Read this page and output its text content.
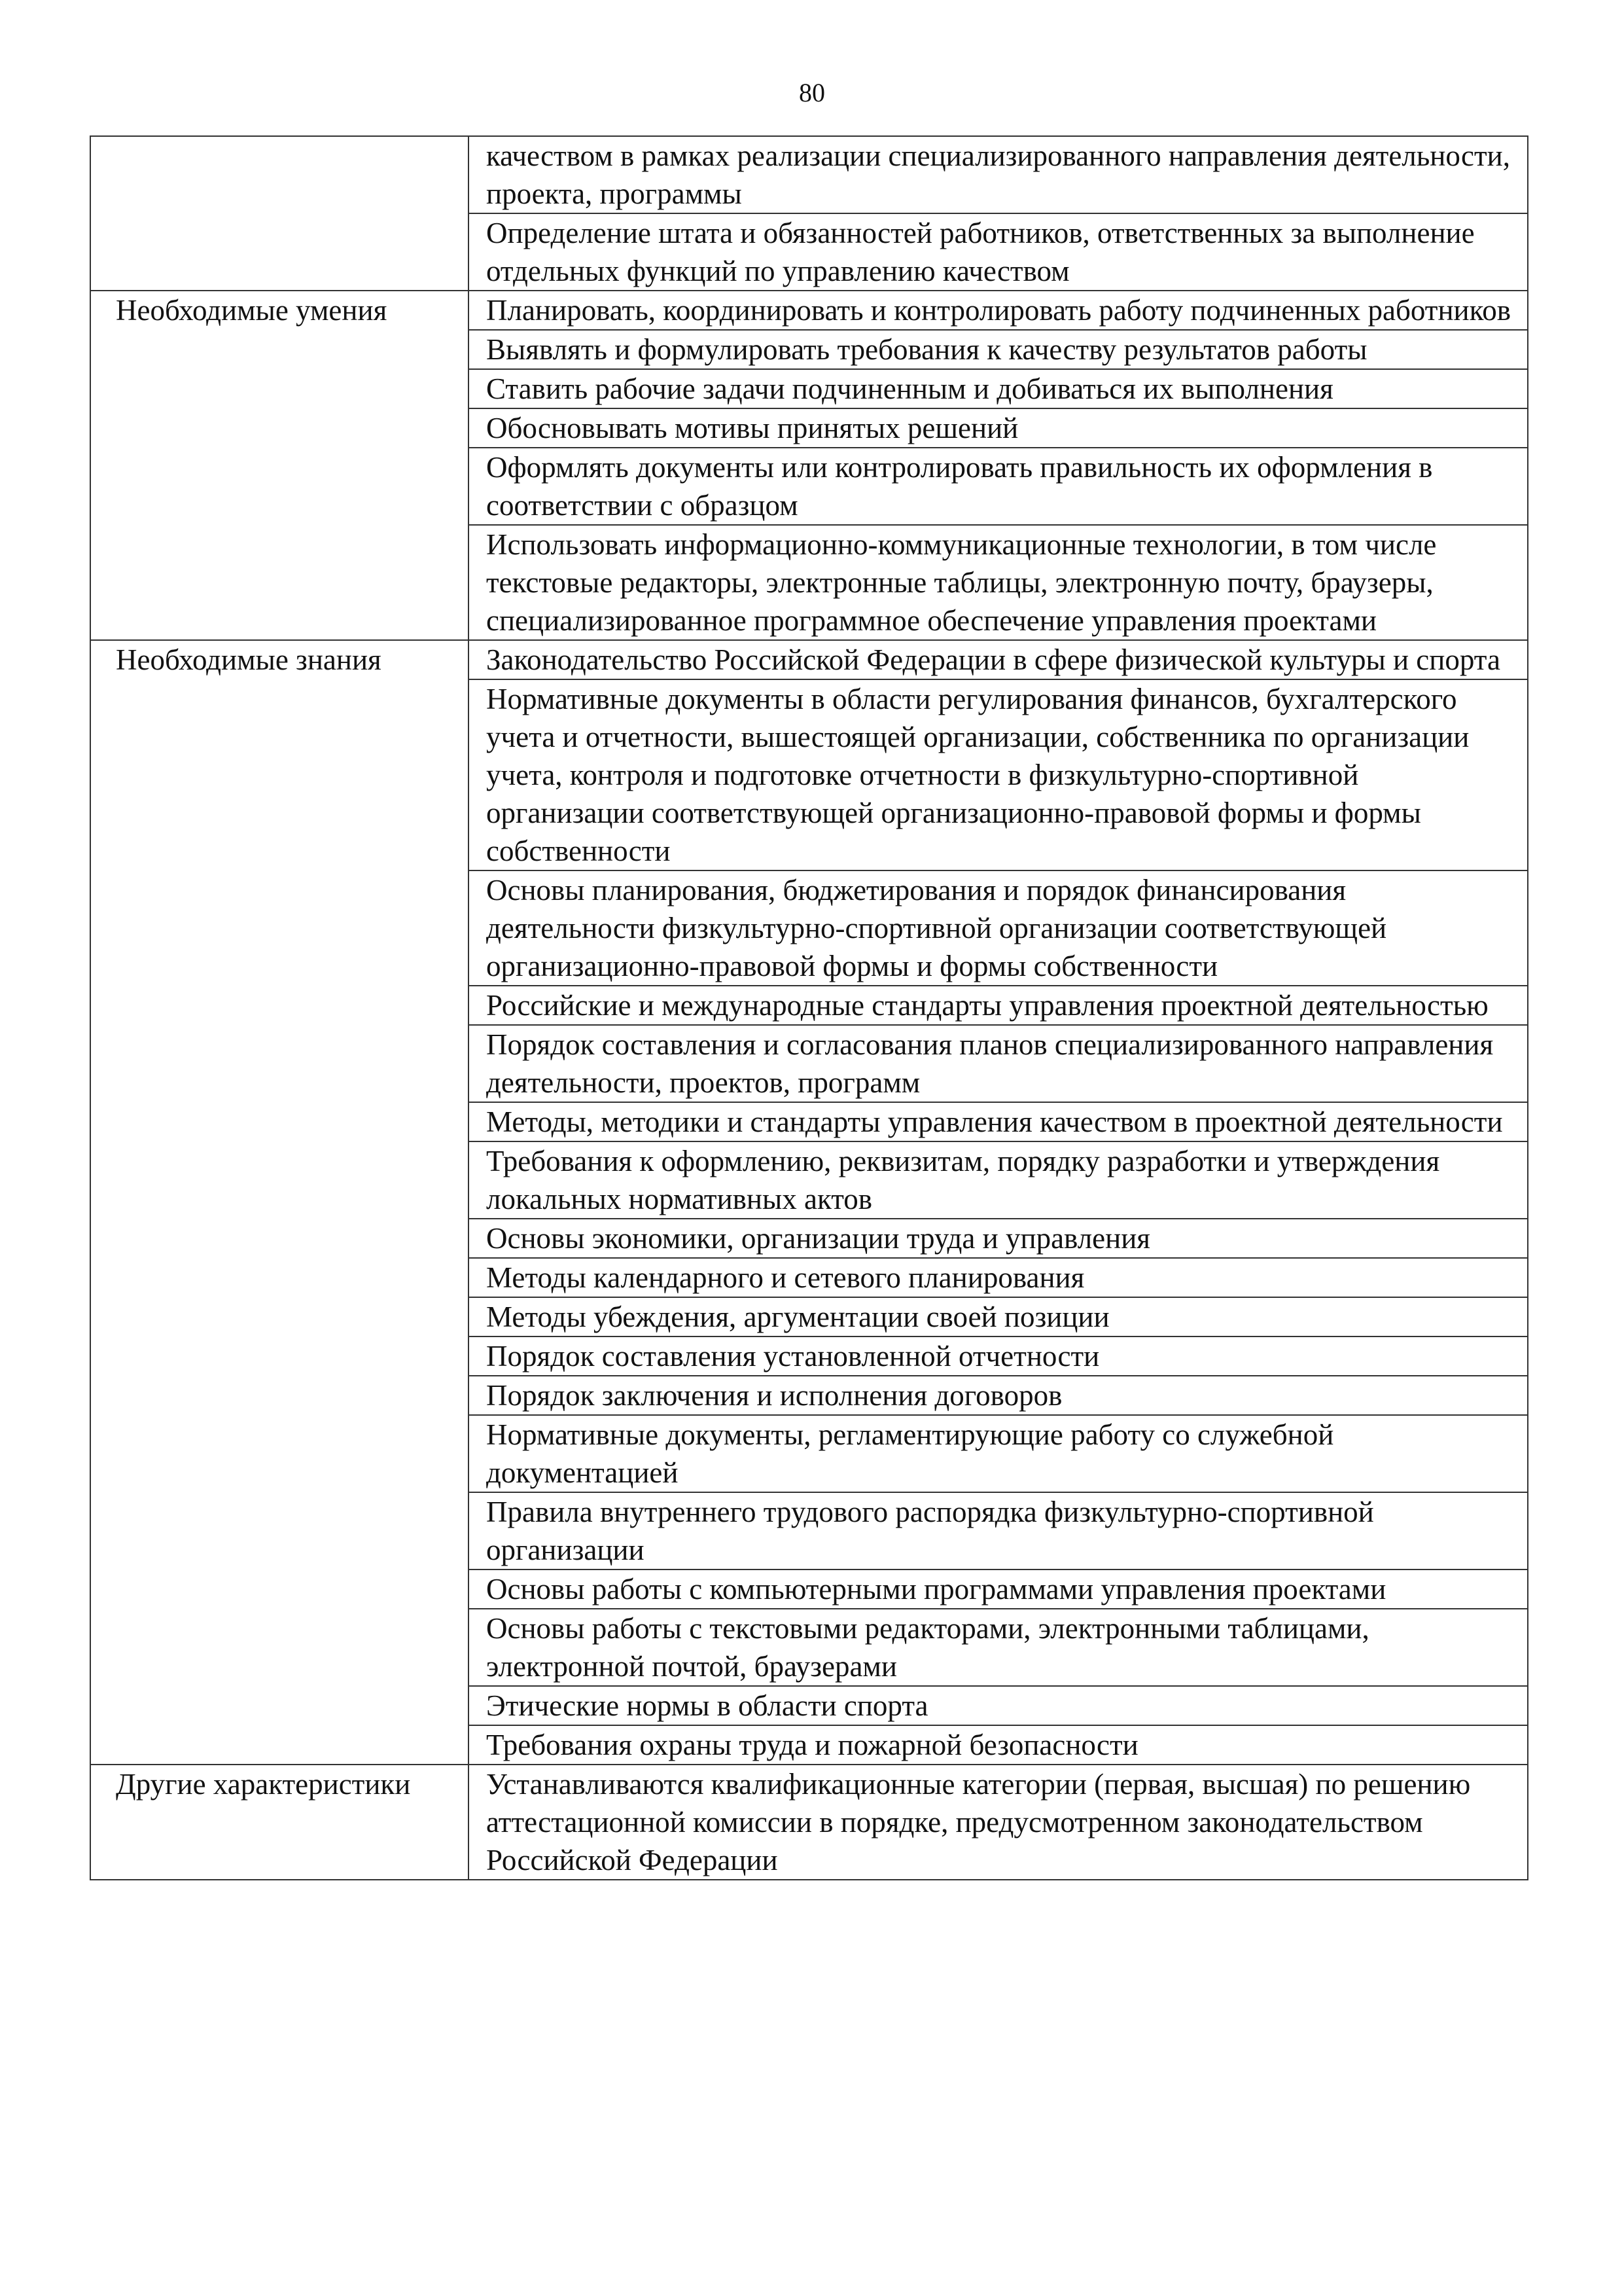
80
	качеством в рамках реализации специализированного направления деятельности, проекта, программы
	Определение штата и обязанностей работников, ответственных за выполнение отдельных функций по управлению качеством
Необходимые умения	Планировать, координировать и контролировать работу подчиненных работников
	Выявлять и формулировать требования к качеству результатов работы
	Ставить рабочие задачи подчиненным и добиваться их выполнения
	Обосновывать мотивы принятых решений
	Оформлять документы или контролировать правильность их оформления в соответствии с образцом
	Использовать информационно-коммуникационные технологии, в том числе текстовые редакторы, электронные таблицы, электронную почту, браузеры, специализированное программное обеспечение управления проектами
Необходимые знания	Законодательство Российской Федерации в сфере физической культуры и спорта
	Нормативные документы в области регулирования финансов, бухгалтерского учета и отчетности, вышестоящей организации, собственника по организации учета, контроля и подготовке отчетности в физкультурно-спортивной организации соответствующей организационно-правовой формы и формы собственности
	Основы планирования, бюджетирования и порядок финансирования деятельности физкультурно-спортивной организации соответствующей организационно-правовой формы и формы собственности
	Российские и международные стандарты управления проектной деятельностью
	Порядок составления и согласования планов специализированного направления деятельности, проектов, программ
	Методы, методики и стандарты управления качеством в проектной деятельности
	Требования к оформлению, реквизитам, порядку разработки и утверждения локальных нормативных актов
	Основы экономики, организации труда и управления
	Методы календарного и сетевого планирования
	Методы убеждения, аргументации своей позиции
	Порядок составления установленной отчетности
	Порядок заключения и исполнения договоров
	Нормативные документы, регламентирующие работу со служебной документацией
	Правила внутреннего трудового распорядка физкультурно-спортивной организации
	Основы работы с компьютерными программами управления проектами
	Основы работы с текстовыми редакторами, электронными таблицами, электронной почтой, браузерами
	Этические нормы в области спорта
	Требования охраны труда и пожарной безопасности
Другие характеристики	Устанавливаются квалификационные категории (первая, высшая) по решению аттестационной комиссии в порядке, предусмотренном законодательством Российской Федерации
